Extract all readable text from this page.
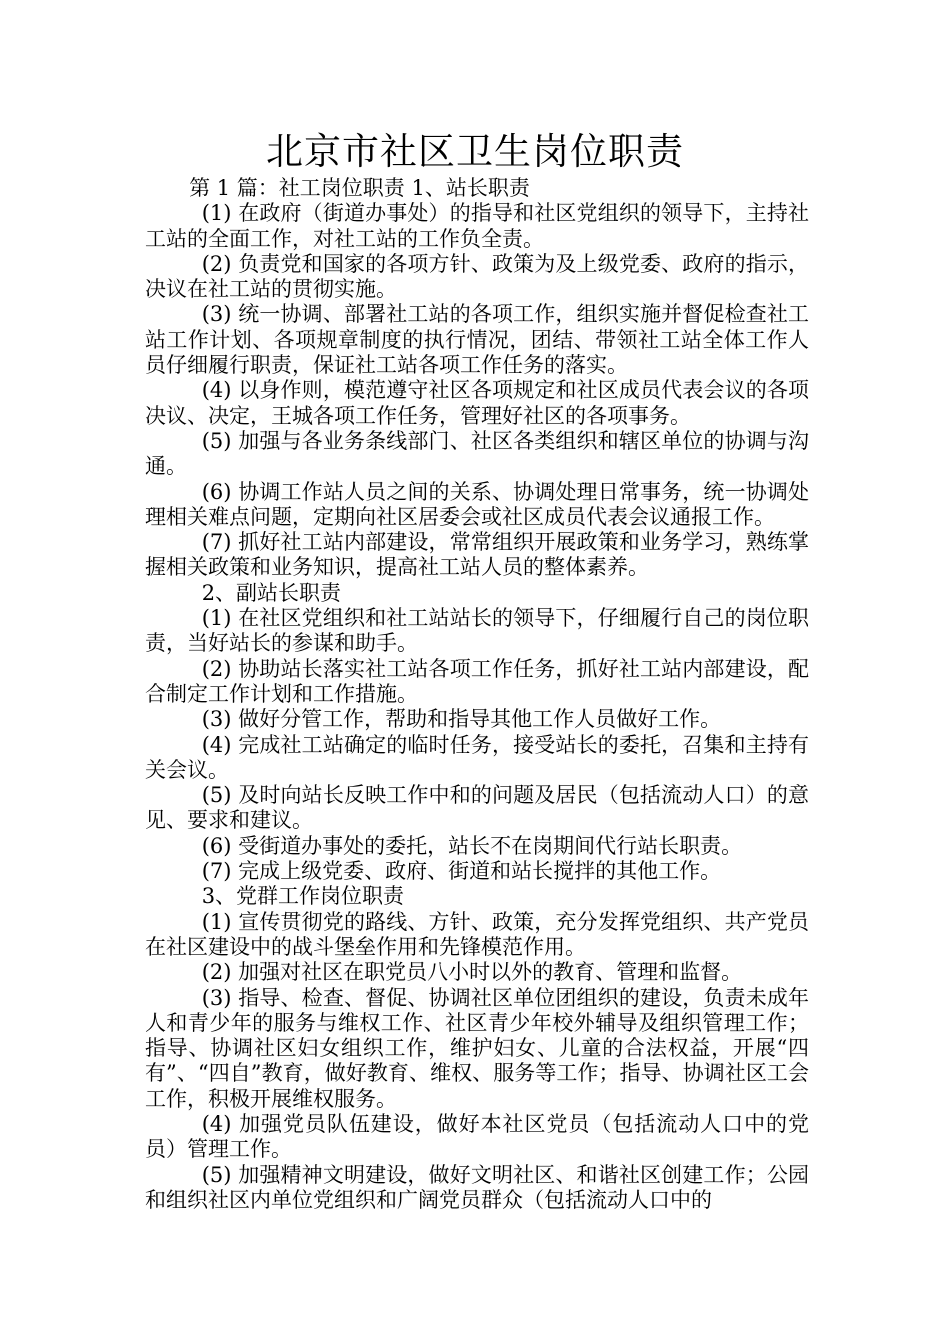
北京市社区卫生岗位职责

第 1 篇：社工岗位职责 1、站长职责

(1) 在政府（街道办事处）的指导和社区党组织的领导下，主持社工站的全面工作，对社工站的工作负全责。

(2) 负责党和国家的各项方针、政策为及上级党委、政府的指示，决议在社工站的贯彻实施。

(3) 统一协调、部署社工站的各项工作，组织实施并督促检查社工站工作计划、各项规章制度的执行情况，团结、带领社工站全体工作人员仔细履行职责，保证社工站各项工作任务的落实。

(4) 以身作则，模范遵守社区各项规定和社区成员代表会议的各项决议、决定，王城各项工作任务，管理好社区的各项事务。

(5) 加强与各业务条线部门、社区各类组织和辖区单位的协调与沟通。

(6) 协调工作站人员之间的关系、协调处理日常事务，统一协调处理相关难点问题，定期向社区居委会或社区成员代表会议通报工作。

(7) 抓好社工站内部建设，常常组织开展政策和业务学习，熟练掌握相关政策和业务知识，提高社工站人员的整体素养。

2、副站长职责

(1) 在社区党组织和社工站站长的领导下，仔细履行自己的岗位职责，当好站长的参谋和助手。

(2) 协助站长落实社工站各项工作任务，抓好社工站内部建设，配合制定工作计划和工作措施。

(3) 做好分管工作，帮助和指导其他工作人员做好工作。

(4) 完成社工站确定的临时任务，接受站长的委托，召集和主持有关会议。

(5) 及时向站长反映工作中和的问题及居民（包括流动人口）的意见、要求和建议。

(6) 受街道办事处的委托，站长不在岗期间代行站长职责。

(7) 完成上级党委、政府、街道和站长搅拌的其他工作。

3、党群工作岗位职责

(1) 宣传贯彻党的路线、方针、政策，充分发挥党组织、共产党员在社区建设中的战斗堡垒作用和先锋模范作用。

(2) 加强对社区在职党员八小时以外的教育、管理和监督。

(3) 指导、检查、督促、协调社区单位团组织的建设，负责未成年人和青少年的服务与维权工作、社区青少年校外辅导及组织管理工作；指导、协调社区妇女组织工作，维护妇女、儿童的合法权益，开展“四有”、“四自”教育，做好教育、维权、服务等工作；指导、协调社区工会工作，积极开展维权服务。

(4) 加强党员队伍建设，做好本社区党员（包括流动人口中的党员）管理工作。

(5) 加强精神文明建设，做好文明社区、和谐社区创建工作；公园和组织社区内单位党组织和广阔党员群众（包括流动人口中的
